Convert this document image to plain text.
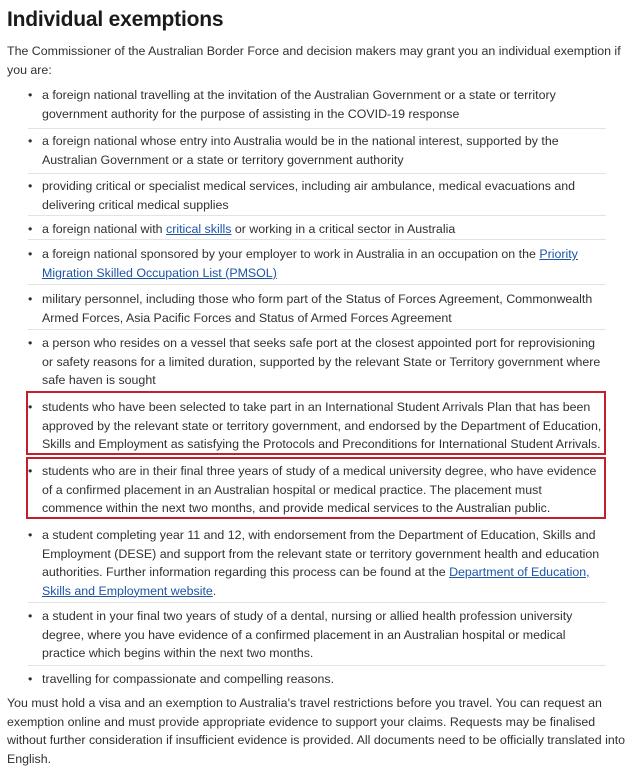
Individual exemptions

The Commissioner of the Australian Border Force and decision makers may grant you an individual exemption if you are:

• a foreign national travelling at the invitation of the Australian Government or a state or territory government authority for the purpose of assisting in the COVID-19 response
• a foreign national whose entry into Australia would be in the national interest, supported by the Australian Government or a state or territory government authority
• providing critical or specialist medical services, including air ambulance, medical evacuations and delivering critical medical supplies
• a foreign national with critical skills or working in a critical sector in Australia
• a foreign national sponsored by your employer to work in Australia in an occupation on the Priority Migration Skilled Occupation List (PMSOL)
• military personnel, including those who form part of the Status of Forces Agreement, Commonwealth Armed Forces, Asia Pacific Forces and Status of Armed Forces Agreement
• a person who resides on a vessel that seeks safe port at the closest appointed port for reprovisioning or safety reasons for a limited duration, supported by the relevant State or Territory government where safe haven is sought
• students who have been selected to take part in an International Student Arrivals Plan that has been approved by the relevant state or territory government, and endorsed by the Department of Education, Skills and Employment as satisfying the Protocols and Preconditions for International Student Arrivals.
• students who are in their final three years of study of a medical university degree, who have evidence of a confirmed placement in an Australian hospital or medical practice. The placement must commence within the next two months, and provide medical services to the Australian public.
• a student completing year 11 and 12, with endorsement from the Department of Education, Skills and Employment (DESE) and support from the relevant state or territory government health and education authorities. Further information regarding this process can be found at the Department of Education, Skills and Employment website.
• a student in your final two years of study of a dental, nursing or allied health profession university degree, where you have evidence of a confirmed placement in an Australian hospital or medical practice which begins within the next two months.
• travelling for compassionate and compelling reasons.

You must hold a visa and an exemption to Australia's travel restrictions before you travel. You can request an exemption online and must provide appropriate evidence to support your claims. Requests may be finalised without further consideration if insufficient evidence is provided. All documents need to be officially translated into English.
